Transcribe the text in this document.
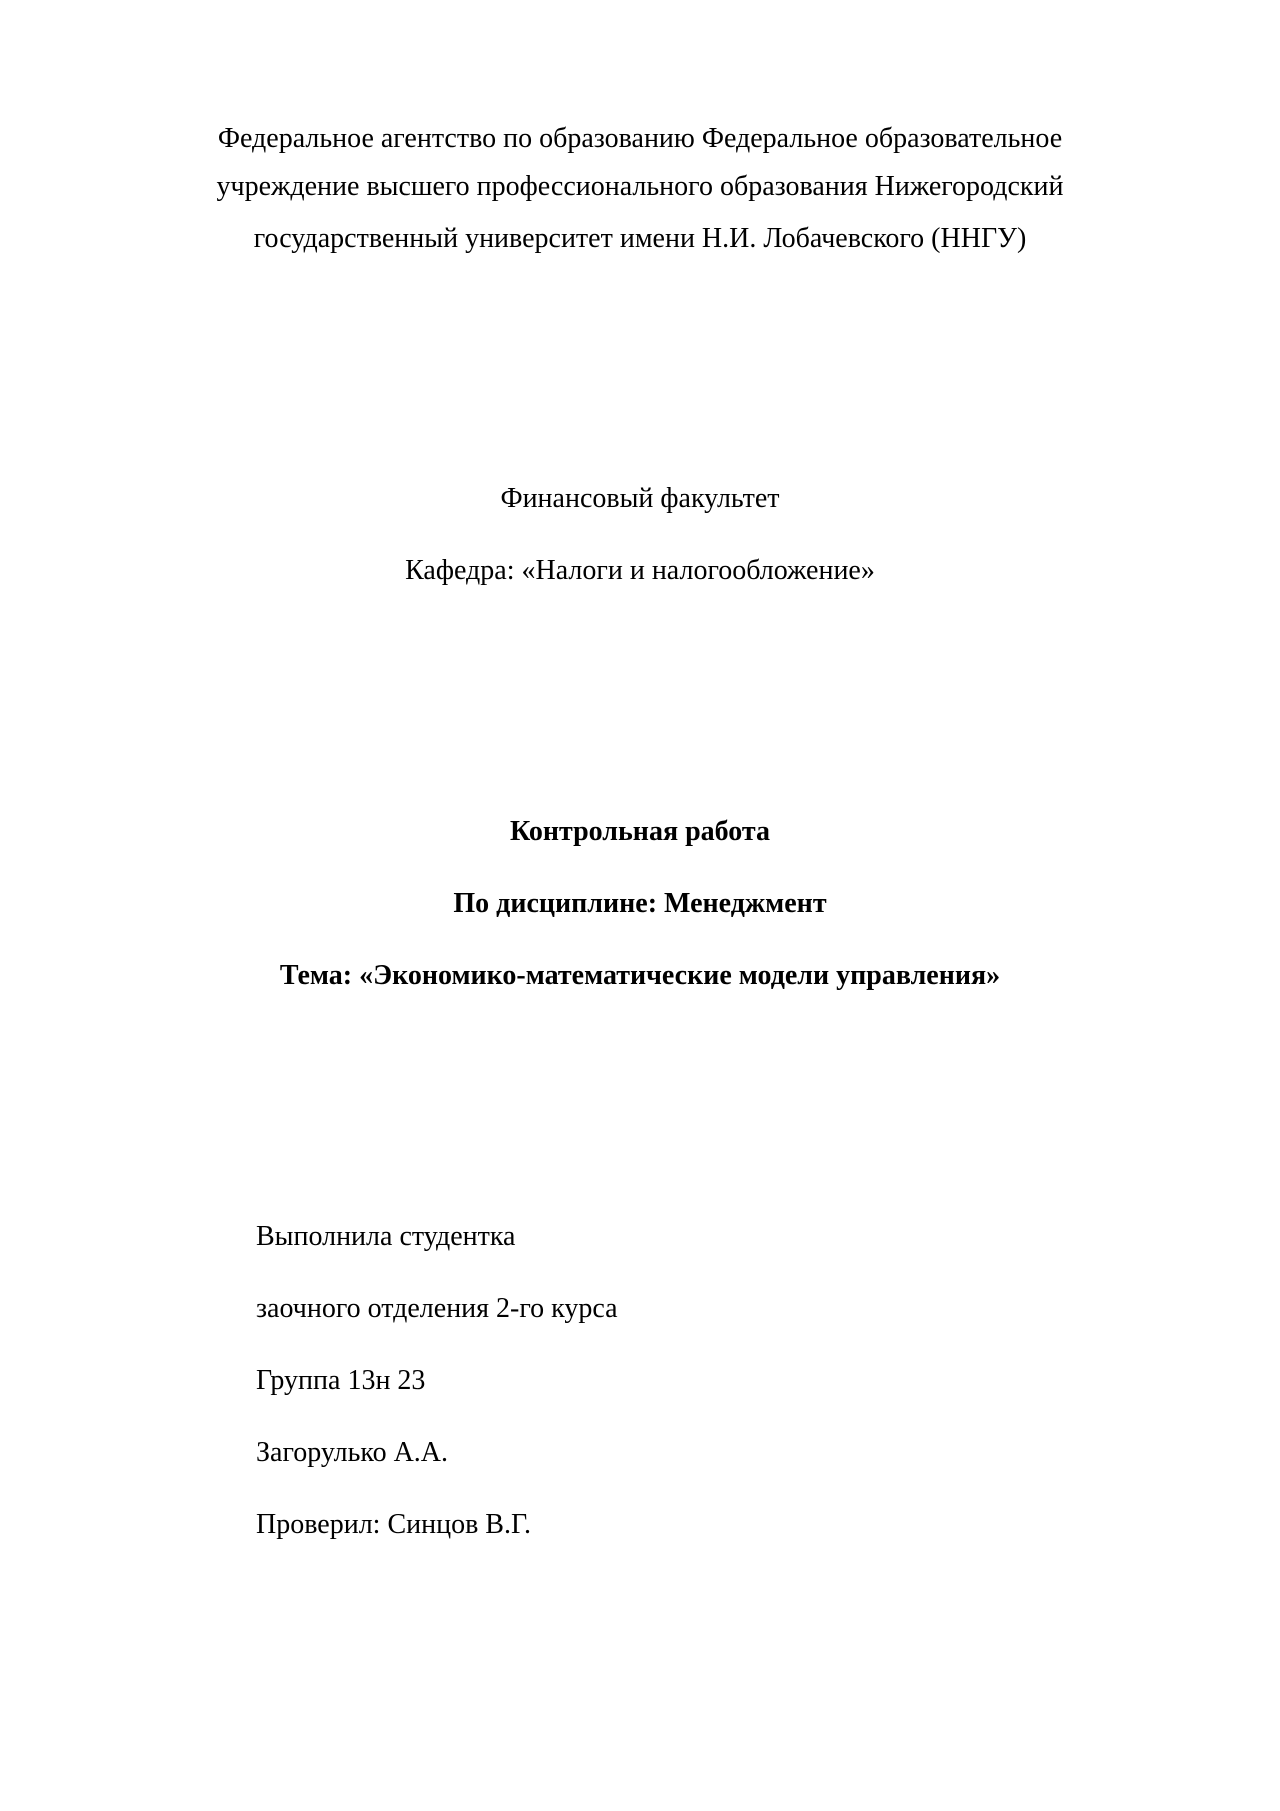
Федеральное агентство по образованию Федеральное образовательное
учреждение высшего профессионального образования Нижегородский
государственный университет имени Н.И. Лобачевского (ННГУ)
Финансовый факультет
Кафедра: «Налоги и налогообложение»
Контрольная работа
По дисциплине: Менеджмент
Тема: «Экономико-математические модели управления»
Выполнила студентка
заочного отделения 2-го курса
Группа 13н 23
Загорулько А.А.
Проверил: Синцов В.Г.
